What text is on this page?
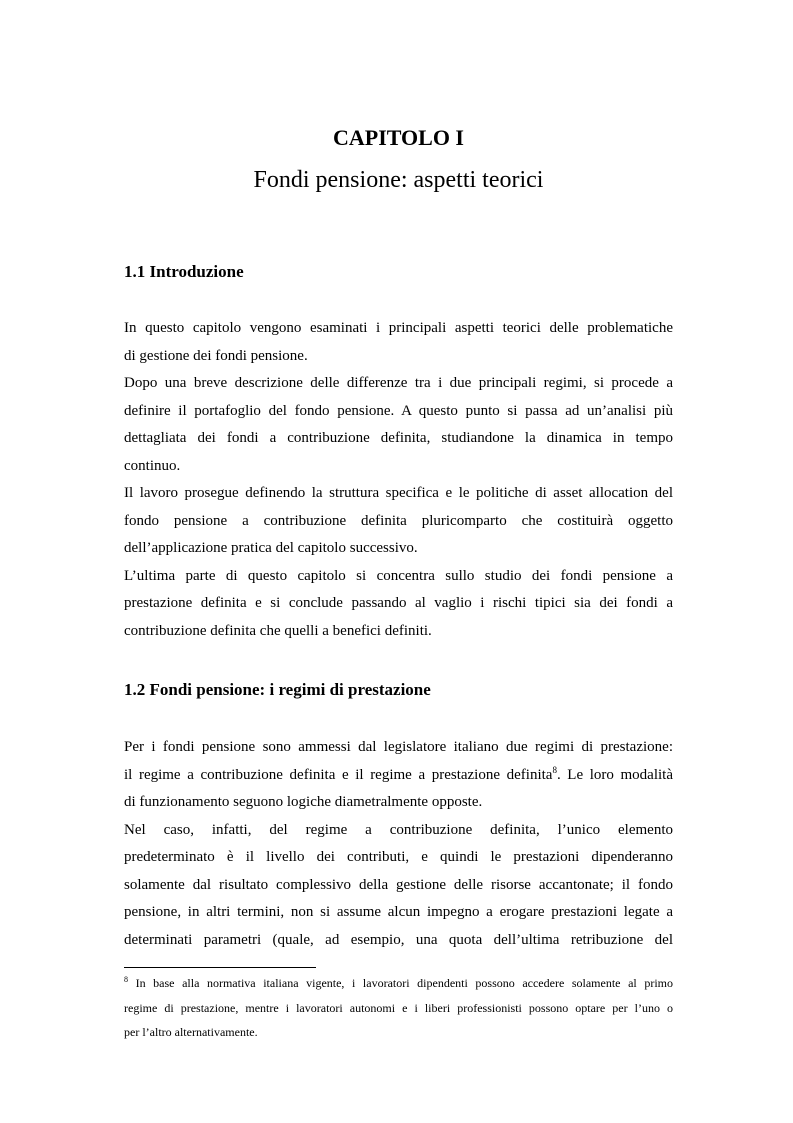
CAPITOLO I
Fondi pensione: aspetti teorici
1.1 Introduzione

In questo capitolo vengono esaminati i principali aspetti teorici delle problematiche
di gestione dei fondi pensione.

Dopo una breve descrizione delle differenze tra i due principali regimi, si procede a
definire il portafoglio del fondo pensione. A questo punto si passa ad un’analisi più
dettagliata dei fondi a contribuzione definita, studiandone la dinamica in tempo
continuo.

Il lavoro prosegue definendo la struttura specifica e le politiche di asset allocation del
fondo pensione a contribuzione definita pluricomparto che costituirà oggetto
dell’applicazione pratica del capitolo successivo.

L’ultima parte di questo capitolo si concentra sullo studio dei fondi pensione a
prestazione definita e si conclude passando al vaglio i rischi tipici sia dei fondi a
contribuzione definita che quelli a benefici definiti.

1.2 Fondi pensione: i regimi di prestazione

Per i fondi pensione sono ammessi dal legislatore italiano due regimi di prestazione:
il regime a contribuzione definita e il regime a prestazione definita$^8$. Le loro modalità
di funzionamento seguono logiche diametralmente opposte.

Nel caso, infatti, del regime a contribuzione definita, l’unico elemento
predeterminato è il livello dei contributi, e quindi le prestazioni dipenderanno
solamente dal risultato complessivo della gestione delle risorse accantonate; il fondo
pensione, in altri termini, non si assume alcun impegno a erogare prestazioni legate a
determinati parametri (quale, ad esempio, una quota dell’ultima retribuzione del

$^8$ In base alla normativa italiana vigente, i lavoratori dipendenti possono accedere solamente al primo
regime di prestazione, mentre i lavoratori autonomi e i liberi professionisti possono optare per l’uno o
per l’altro alternativamente.
